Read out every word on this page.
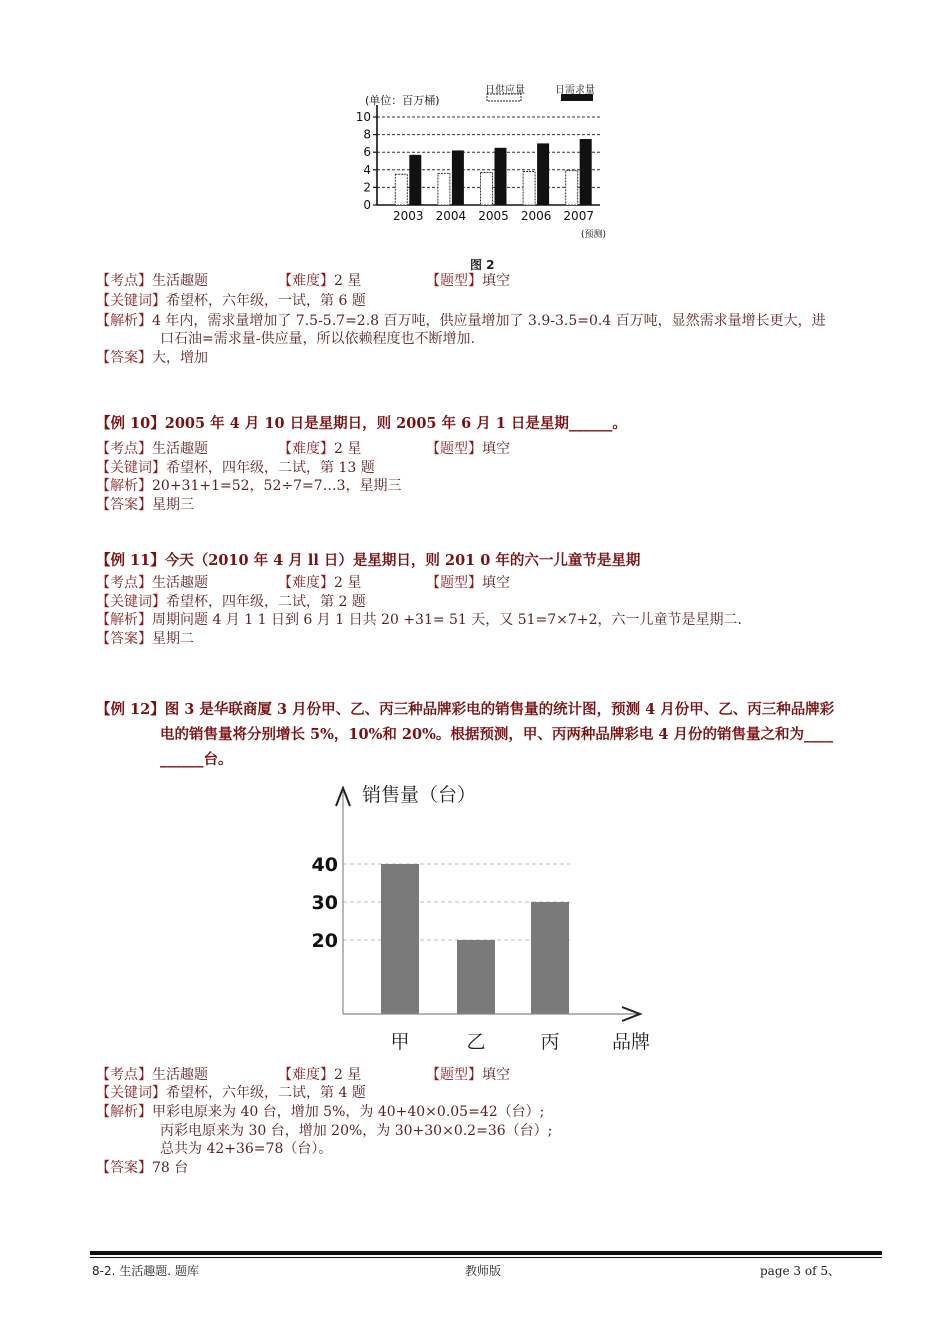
(单位：百万桶)
日供应量	日需求量
0
2
4
6
8
10
2003 2004 2005 2006 2007
(预测)
图 2
【考点】生活趣题	【难度】2 星	【题型】填空
【关键词】希望杯，六年级，一试，第 6 题
【解析】4 年内，需求量增加了 7.5-5.7=2.8 百万吨，供应量增加了 3.9-3.5=0.4 百万吨，显然需求量增长更大，进
口石油=需求量-供应量，所以依赖程度也不断增加.
【答案】大，增加
【例 10】2005 年 4 月 10 日是星期日，则 2005 年 6 月 1 日是星期______。
【考点】生活趣题	【难度】2 星	【题型】填空
【关键词】希望杯，四年级，二试，第 13 题
【解析】20+31+1=52，52÷7=7…3，星期三
【答案】星期三
【例 11】今天（2010 年 4 月 ll 日）是星期日，则 201 0 年的六一儿童节是星期
【考点】生活趣题	【难度】2 星	【题型】填空
【关键词】希望杯，四年级，二试，第 2 题
【解析】周期问题 4 月 1 1 日到 6 月 1 日共 20 +31= 51 天，又 51=7×7+2，六一儿童节是星期二.
【答案】星期二
【例 12】图 3 是华联商厦 3 月份甲、乙、丙三种品牌彩电的销售量的统计图，预测 4 月份甲、乙、丙三种品牌彩
电的销售量将分别增长 5%，10%和 20%。根据预测，甲、丙两种品牌彩电 4 月份的销售量之和为____
______台。
销售量（台）
品牌
20
30
40
甲	乙	丙
【考点】生活趣题	【难度】2 星	【题型】填空
【关键词】希望杯，六年级，二试，第 4 题
【解析】甲彩电原来为 40 台，增加 5%，为 40+40×0.05=42（台）;
丙彩电原来为 30 台，增加 20%，为 30+30×0.2=36（台）;
总共为 42+36=78（台）。
【答案】78 台
8-2. 生活趣题. 题库	教师版	page 3 of 5、
